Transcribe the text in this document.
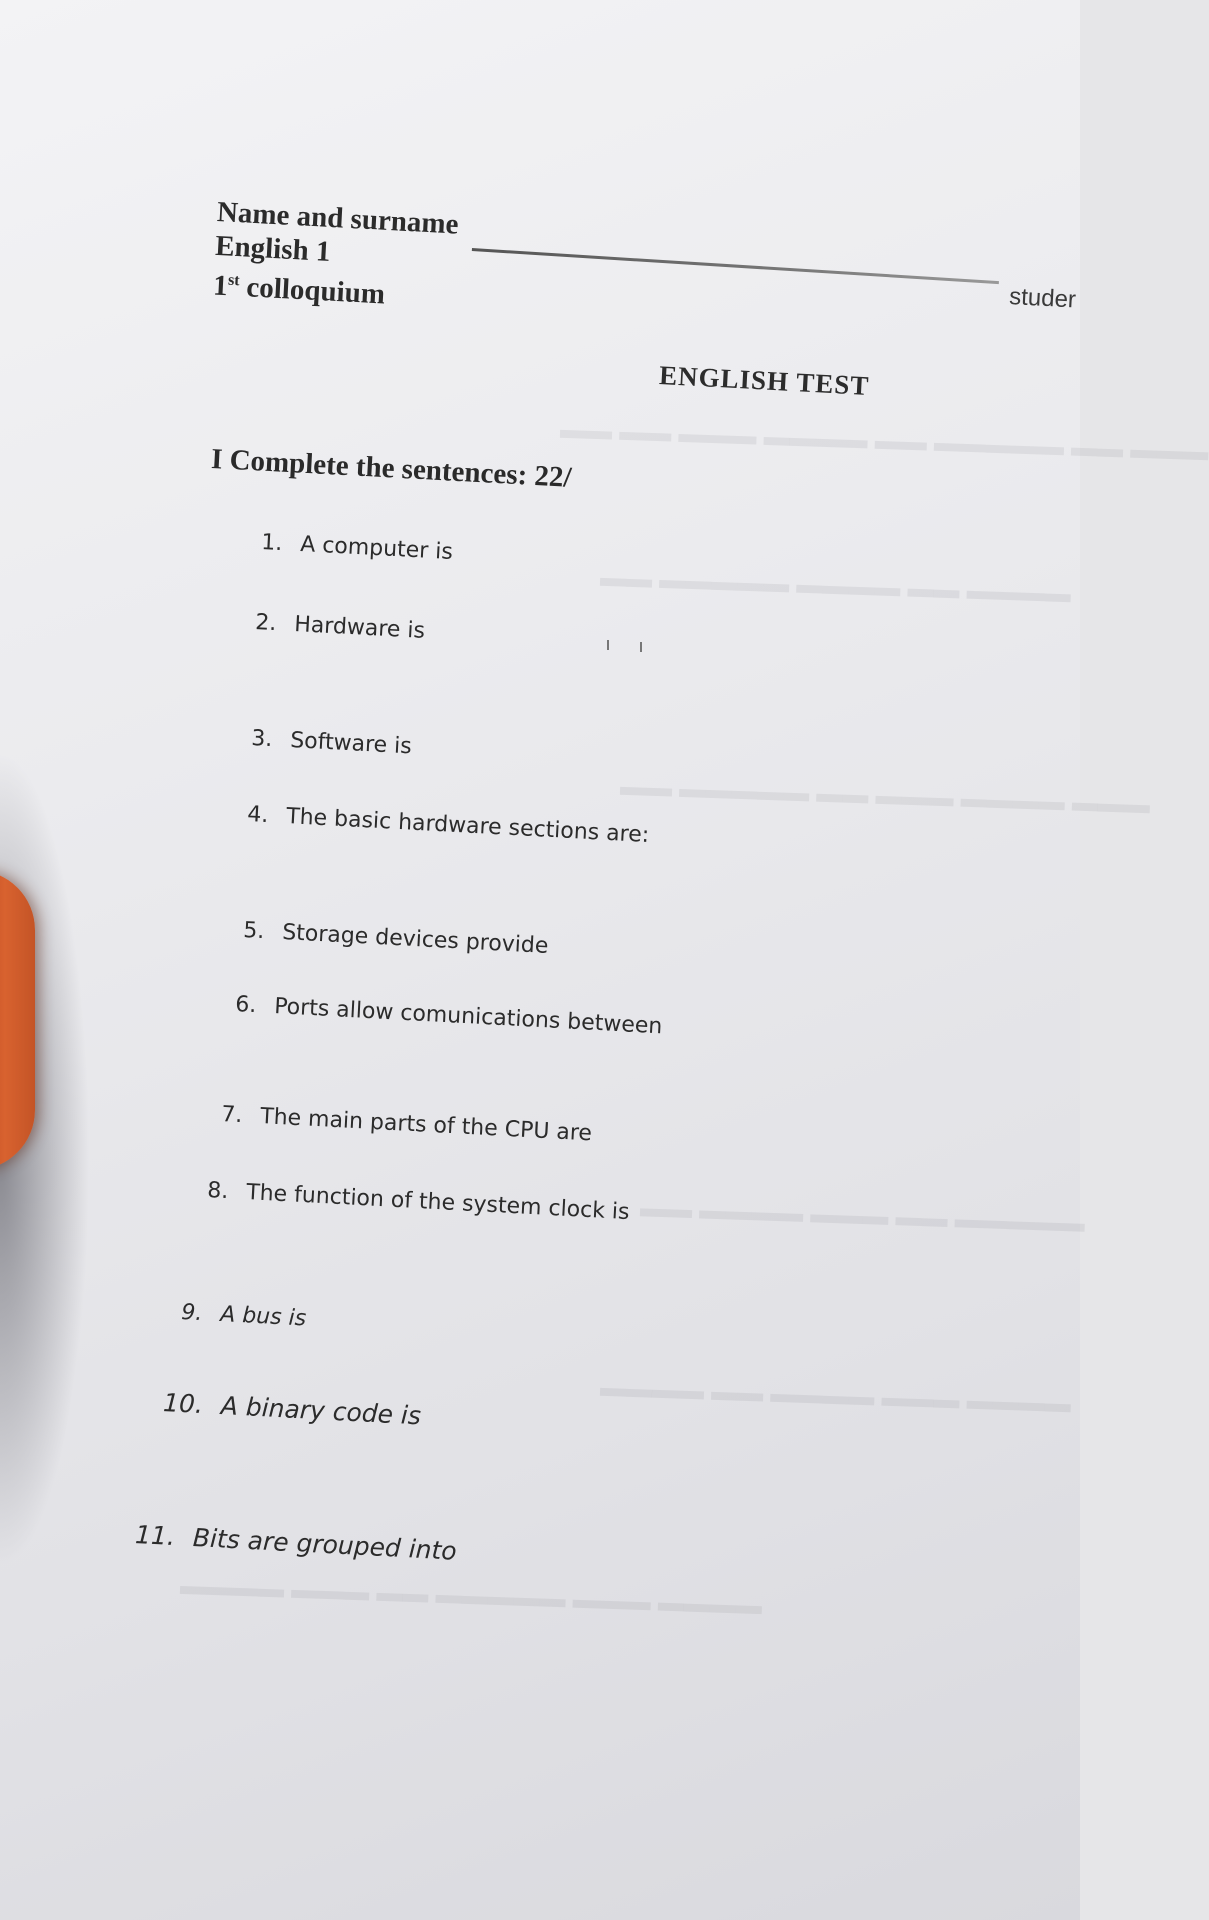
▬▬▬ ▬▬ ▬▬▬▬▬ ▬▬ ▬▬▬▬ ▬▬▬ ▬▬ ▬▬
▬▬▬▬ ▬▬ ▬▬▬▬ ▬▬▬▬▬ ▬▬
▬▬▬ ▬▬▬▬ ▬▬▬ ▬▬ ▬▬▬▬▬ ▬▬
▬▬▬▬▬ ▬▬ ▬▬▬ ▬▬▬▬ ▬▬
▬▬▬▬ ▬▬▬ ▬▬▬▬ ▬▬ ▬▬▬▬
▬▬▬▬ ▬▬▬ ▬▬▬▬▬ ▬▬ ▬▬▬ ▬▬▬▬
Name and surname
English 1
1st colloquium	studer
ENGLISH TEST
I Complete the sentences: 22/
1. A computer is
2. Hardware is
3. Software is
4. The basic hardware sections are:
5. Storage devices provide
6. Ports allow comunications between
7. The main parts of the CPU are
8. The function of the system clock is
9. A bus is
10. A binary code is
11. Bits are grouped into
